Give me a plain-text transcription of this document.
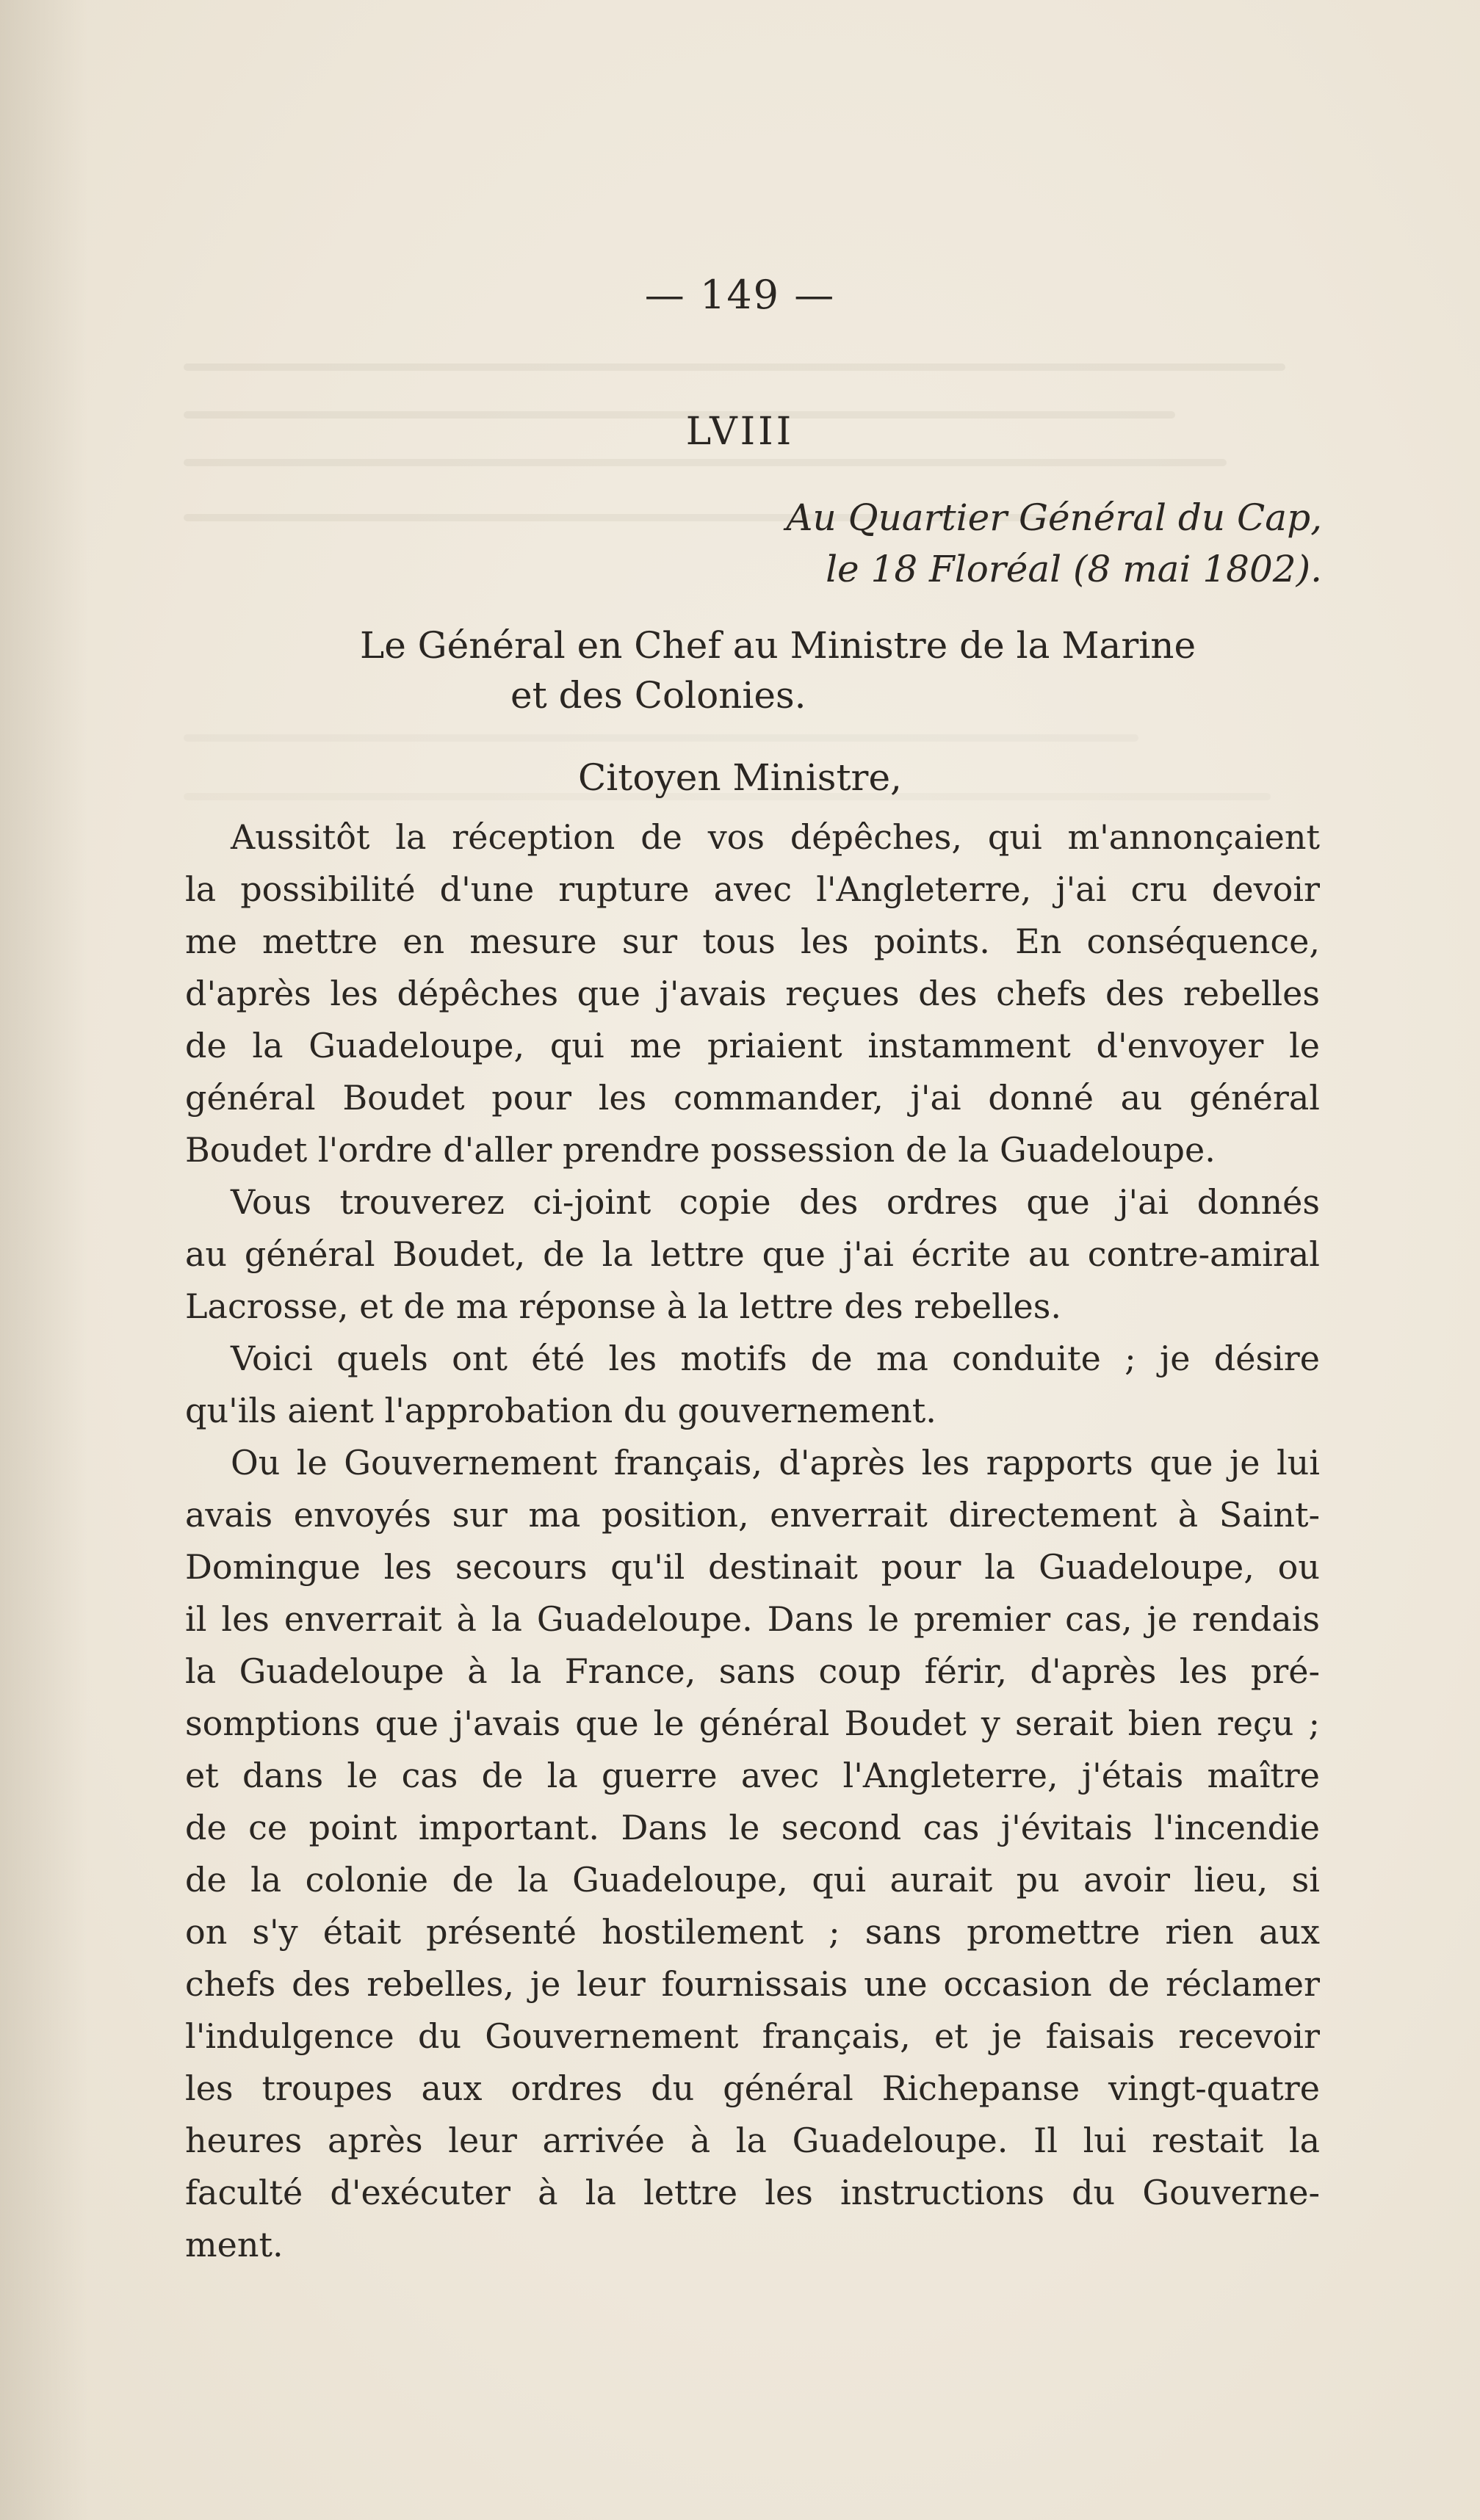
— 149 —
LVIII
Au Quartier Général du Cap,
le 18 Floréal (8 mai 1802).
Le Général en Chef au Ministre de la Marine
et des Colonies.
Citoyen Ministre,
Aussitôt la réception de vos dépêches, qui m'annonçaient
la possibilité d'une rupture avec l'Angleterre, j'ai cru devoir
me mettre en mesure sur tous les points. En conséquence,
d'après les dépêches que j'avais reçues des chefs des rebelles
de la Guadeloupe, qui me priaient instamment d'envoyer le
général Boudet pour les commander, j'ai donné au général
Boudet l'ordre d'aller prendre possession de la Guadeloupe.
Vous trouverez ci-joint copie des ordres que j'ai donnés
au général Boudet, de la lettre que j'ai écrite au contre-amiral
Lacrosse, et de ma réponse à la lettre des rebelles.
Voici quels ont été les motifs de ma conduite ; je désire
qu'ils aient l'approbation du gouvernement.
Ou le Gouvernement français, d'après les rapports que je lui
avais envoyés sur ma position, enverrait directement à Saint-
Domingue les secours qu'il destinait pour la Guadeloupe, ou
il les enverrait à la Guadeloupe. Dans le premier cas, je rendais
la Guadeloupe à la France, sans coup férir, d'après les pré-
somptions que j'avais que le général Boudet y serait bien reçu ;
et dans le cas de la guerre avec l'Angleterre, j'étais maître
de ce point important. Dans le second cas j'évitais l'incendie
de la colonie de la Guadeloupe, qui aurait pu avoir lieu, si
on s'y était présenté hostilement ; sans promettre rien aux
chefs des rebelles, je leur fournissais une occasion de réclamer
l'indulgence du Gouvernement français, et je faisais recevoir
les troupes aux ordres du général Richepanse vingt-quatre
heures après leur arrivée à la Guadeloupe. Il lui restait la
faculté d'exécuter à la lettre les instructions du Gouverne-
ment.
